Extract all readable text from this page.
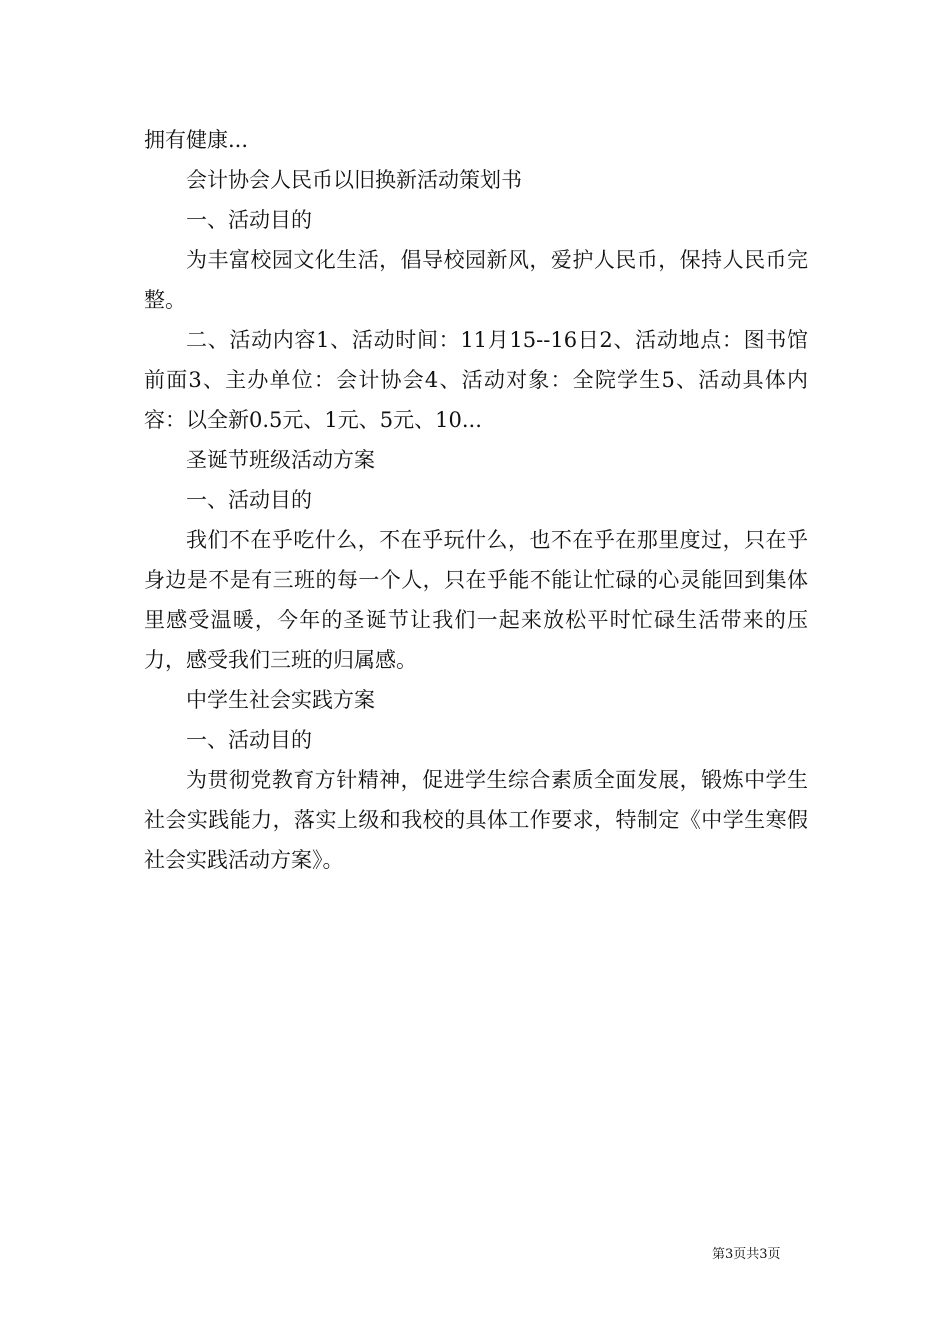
拥有健康...

会计协会人民币以旧换新活动策划书

一、活动目的

为丰富校园文化生活，倡导校园新风，爱护人民币，保持人民币完整。

二、活动内容1、活动时间：11月15--16日2、活动地点：图书馆前面3、主办单位：会计协会4、活动对象：全院学生5、活动具体内容：以全新0.5元、1元、5元、10...

圣诞节班级活动方案

一、活动目的

我们不在乎吃什么，不在乎玩什么，也不在乎在那里度过，只在乎身边是不是有三班的每一个人，只在乎能不能让忙碌的心灵能回到集体里感受温暖，今年的圣诞节让我们一起来放松平时忙碌生活带来的压力，感受我们三班的归属感。

中学生社会实践方案

一、活动目的

为贯彻党教育方针精神，促进学生综合素质全面发展，锻炼中学生社会实践能力，落实上级和我校的具体工作要求，特制定《中学生寒假社会实践活动方案》。

第3页共3页
